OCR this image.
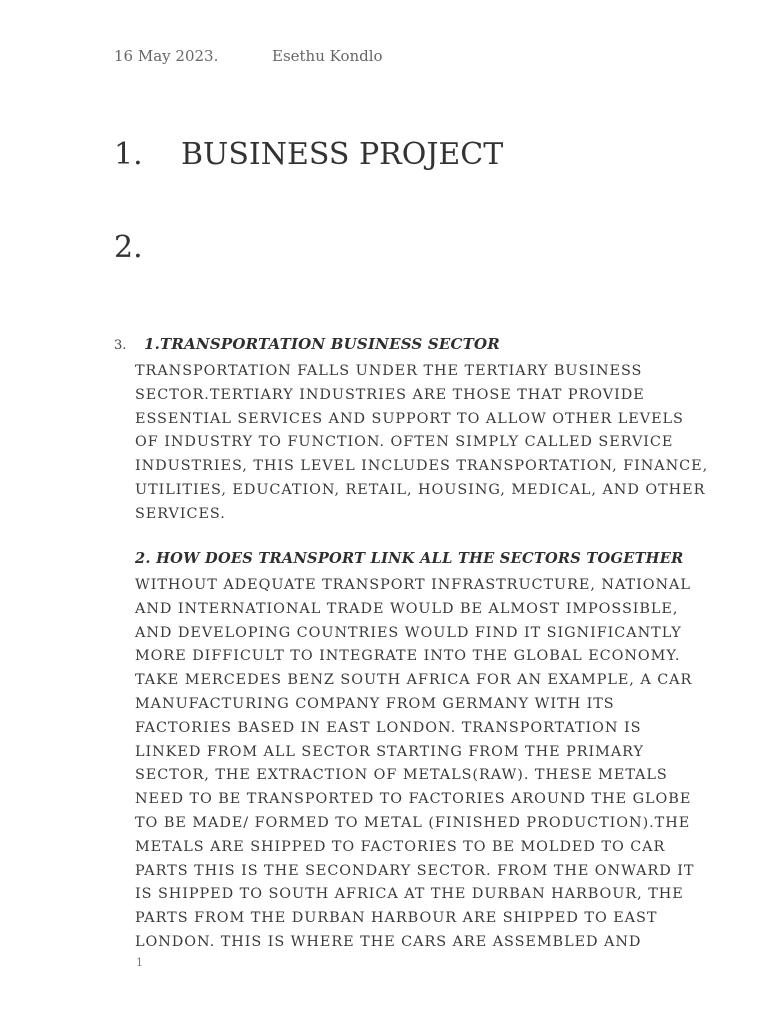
16 May 2023.	Esethu Kondlo
1. BUSINESS PROJECT
2.
3. 1.TRANSPORTATION BUSINESS SECTOR
TRANSPORTATION FALLS UNDER THE TERTIARY BUSINESS
SECTOR.TERTIARY INDUSTRIES ARE THOSE THAT PROVIDE
ESSENTIAL SERVICES AND SUPPORT TO ALLOW OTHER LEVELS
OF INDUSTRY TO FUNCTION. OFTEN SIMPLY CALLED SERVICE
INDUSTRIES, THIS LEVEL INCLUDES TRANSPORTATION, FINANCE,
UTILITIES, EDUCATION, RETAIL, HOUSING, MEDICAL, AND OTHER
SERVICES.
2. HOW DOES TRANSPORT LINK ALL THE SECTORS TOGETHER
WITHOUT ADEQUATE TRANSPORT INFRASTRUCTURE, NATIONAL
AND INTERNATIONAL TRADE WOULD BE ALMOST IMPOSSIBLE,
AND DEVELOPING COUNTRIES WOULD FIND IT SIGNIFICANTLY
MORE DIFFICULT TO INTEGRATE INTO THE GLOBAL ECONOMY.
TAKE MERCEDES BENZ SOUTH AFRICA FOR AN EXAMPLE, A CAR
MANUFACTURING COMPANY FROM GERMANY WITH ITS
FACTORIES BASED IN EAST LONDON. TRANSPORTATION IS
LINKED FROM ALL SECTOR STARTING FROM THE PRIMARY
SECTOR, THE EXTRACTION OF METALS(RAW). THESE METALS
NEED TO BE TRANSPORTED TO FACTORIES AROUND THE GLOBE
TO BE MADE/ FORMED TO METAL (FINISHED PRODUCTION).THE
METALS ARE SHIPPED TO FACTORIES TO BE MOLDED TO CAR
PARTS THIS IS THE SECONDARY SECTOR. FROM THE ONWARD IT
IS SHIPPED TO SOUTH AFRICA AT THE DURBAN HARBOUR, THE
PARTS FROM THE DURBAN HARBOUR ARE SHIPPED TO EAST
LONDON. THIS IS WHERE THE CARS ARE ASSEMBLED AND
1
